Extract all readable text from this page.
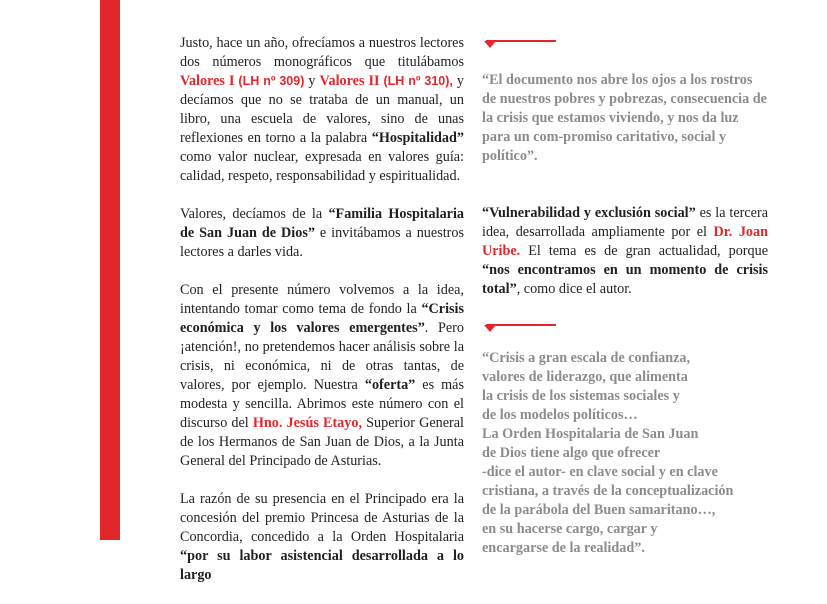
Justo, hace un año, ofrecíamos a nuestros lectores dos números monográficos que titulábamos Valores I (LH nº 309) y Valores II (LH nº 310), y decíamos que no se trataba de un manual, un libro, una escuela de valores, sino de unas reflexiones en torno a la palabra “Hospitalidad” como valor nuclear, expresada en valores guía: calidad, respeto, responsabilidad y espiritualidad.

Valores, decíamos de la “Familia Hospitalaria de San Juan de Dios” e invitábamos a nuestros lectores a darles vida.

Con el presente número volvemos a la idea, intentando tomar como tema de fondo la “Crisis económica y los valores emergentes”. Pero ¡atención!, no pretendemos hacer análisis sobre la crisis, ni económica, ni de otras tantas, de valores, por ejemplo. Nuestra “oferta” es más modesta y sencilla. Abrimos este número con el discurso del Hno. Jesús Etayo, Superior General de los Hermanos de San Juan de Dios, a la Junta General del Principado de Asturias.

La razón de su presencia en el Principado era la concesión del premio Princesa de Asturias de la Concordia, concedido a la Orden Hospitalaria “por su labor asistencial desarrollada a lo largo

“El documento nos abre los ojos a los rostros de nuestros pobres y pobrezas, consecuencia de la crisis que estamos viviendo, y nos da luz para un com-promiso caritativo, social y político”.

“Vulnerabilidad y exclusión social” es la tercera idea, desarrollada ampliamente por el Dr. Joan Uribe. El tema es de gran actualidad, porque “nos encontramos en un momento de crisis total”, como dice el autor.

“Crisis a gran escala de confianza,
valores de liderazgo, que alimenta
la crisis de los sistemas sociales y
de los modelos políticos…
La Orden Hospitalaria de San Juan
de Dios tiene algo que ofrecer
-dice el autor- en clave social y en clave
cristiana, a través de la conceptualización
de la parábola del Buen samaritano…,
en su hacerse cargo, cargar y
encargarse de la realidad”.
